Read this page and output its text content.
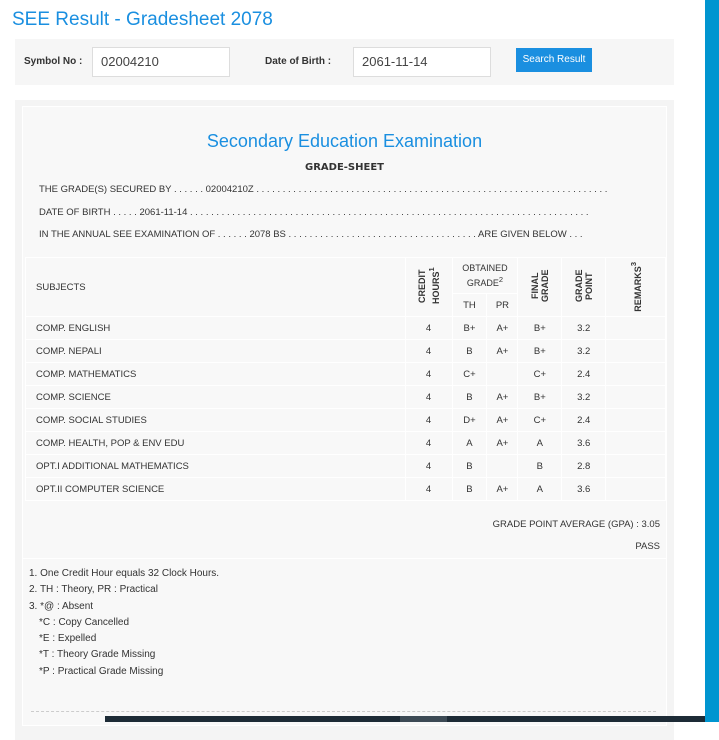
SEE Result - Gradesheet 2078
Symbol No :	02004210	Date of Birth :	2061-11-14	Search Result
Secondary Education Examination
GRADE-SHEET
THE GRADE(S) SECURED BY . . . . . . 02004210Z . . . . . . . . . . . . . . . . . . . . . . . . . . . . . . . . . . . . . . . . . . . . . . . . . . . . . . . . . . . . . . . . . . .
DATE OF BIRTH . . . . . 2061-11-14 . . . . . . . . . . . . . . . . . . . . . . . . . . . . . . . . . . . . . . . . . . . . . . . . . . . . . . . . . . . . . . . . . . . . . . . . . . . .
IN THE ANNUAL SEE EXAMINATION OF . . . . . . 2078 BS . . . . . . . . . . . . . . . . . . . . . . . . . . . . . . . . . . . . ARE GIVEN BELOW . . .
SUBJECTS	CREDIT HOURS$^1$	OBTAINED GRADE$^2$		FINAL GRADE	GRADE POINT	REMARKS$^3$
		TH	PR			
COMP. ENGLISH	4	B+	A+	B+	3.2	
COMP. NEPALI	4	B	A+	B+	3.2	
COMP. MATHEMATICS	4	C+		C+	2.4	
COMP. SCIENCE	4	B	A+	B+	3.2	
COMP. SOCIAL STUDIES	4	D+	A+	C+	2.4	
COMP. HEALTH, POP & ENV EDU	4	A	A+	A	3.6	
OPT.I ADDITIONAL MATHEMATICS	4	B		B	2.8	
OPT.II COMPUTER SCIENCE	4	B	A+	A	3.6	
GRADE POINT AVERAGE (GPA) : 3.05
PASS
1. One Credit Hour equals 32 Clock Hours.
2. TH : Theory, PR : Practical
3. *@ : Absent
*C : Copy Cancelled
*E : Expelled
*T : Theory Grade Missing
*P : Practical Grade Missing
